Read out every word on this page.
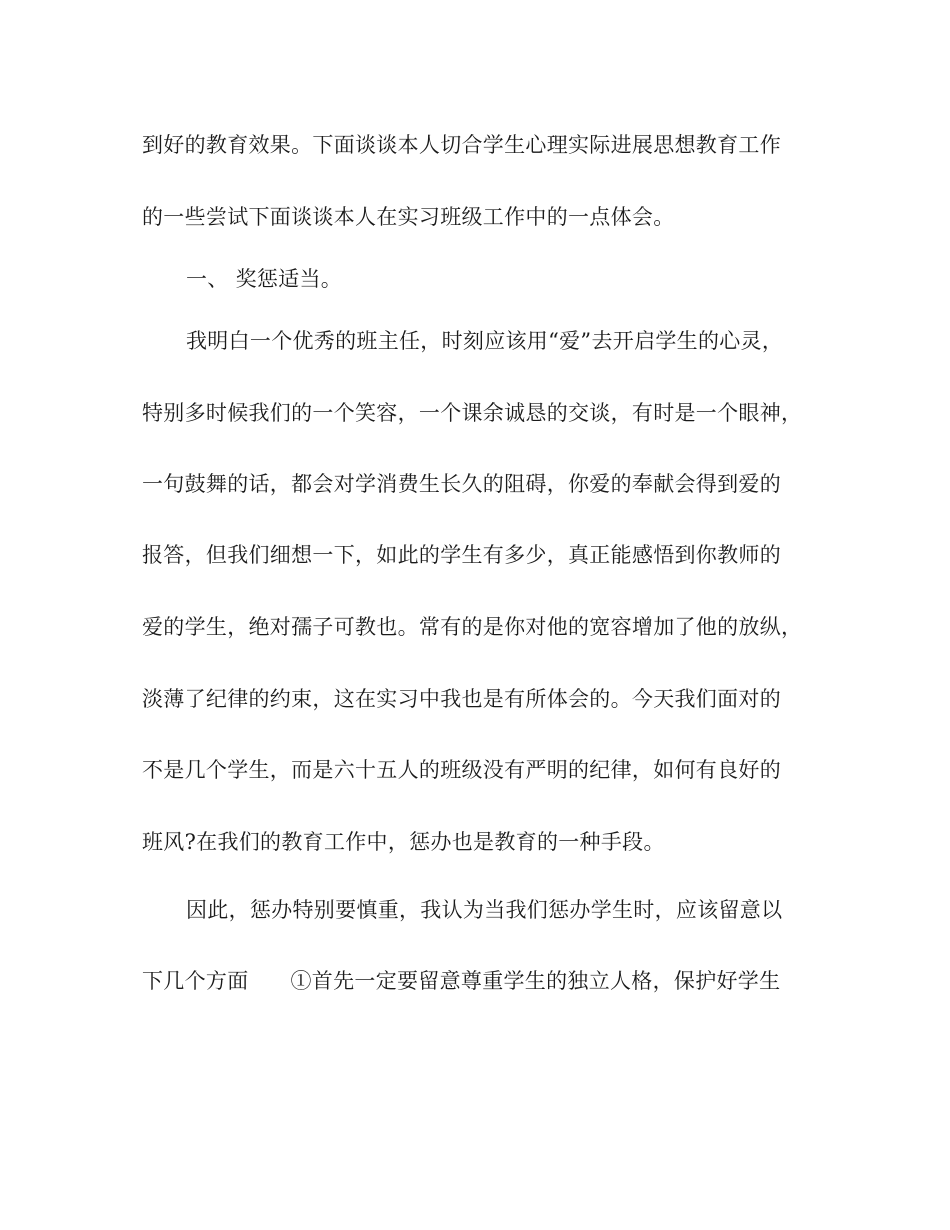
到好的教育效果。下面谈谈本人切合学生心理实际进展思想教育工作
的一些尝试下面谈谈本人在实习班级工作中的一点体会。
一、 奖惩适当。
我明白一个优秀的班主任，时刻应该用“爱”去开启学生的心灵，
特别多时候我们的一个笑容，一个课余诚恳的交谈，有时是一个眼神，
一句鼓舞的话，都会对学消费生长久的阻碍，你爱的奉献会得到爱的
报答，但我们细想一下，如此的学生有多少，真正能感悟到你教师的
爱的学生，绝对孺子可教也。常有的是你对他的宽容增加了他的放纵，
淡薄了纪律的约束，这在实习中我也是有所体会的。今天我们面对的
不是几个学生，而是六十五人的班级没有严明的纪律，如何有良好的
班风?在我们的教育工作中，惩办也是教育的一种手段。
因此，惩办特别要慎重，我认为当我们惩办学生时，应该留意以
下几个方面 ①首先一定要留意尊重学生的独立人格，保护好学生
